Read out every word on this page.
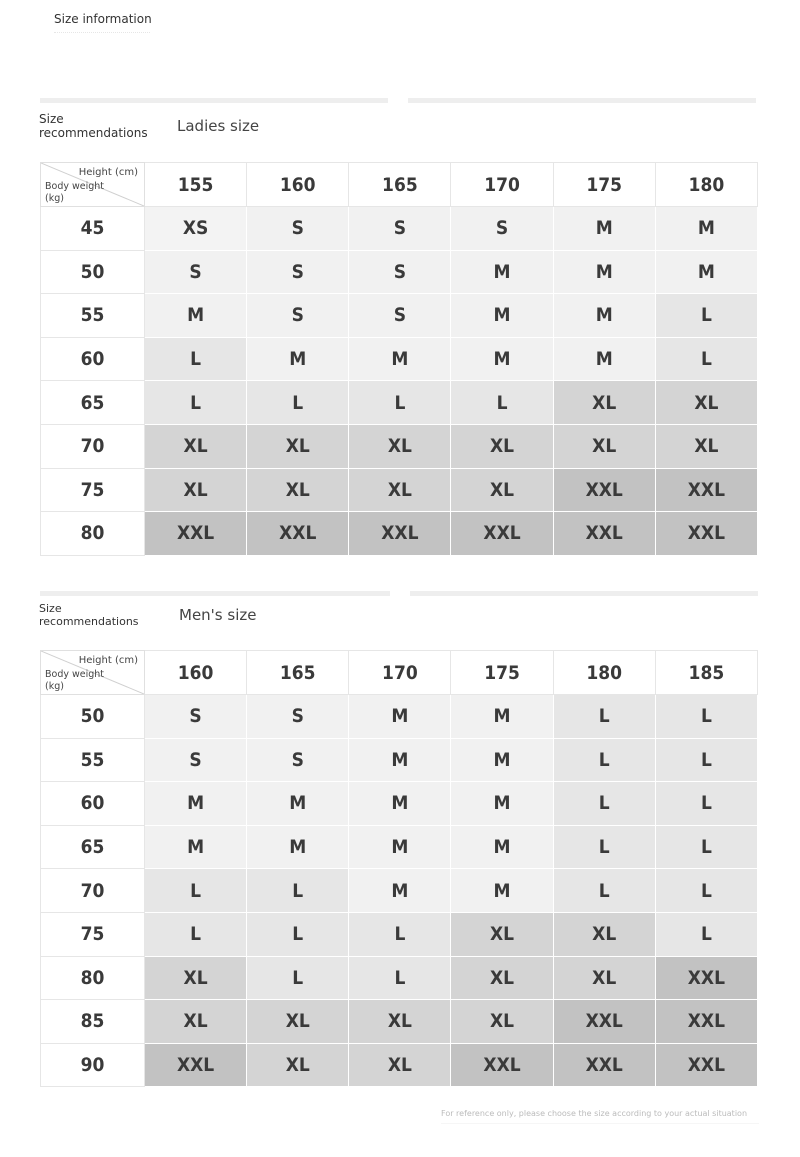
Size information
Size
recommendations Ladies size
Height (cm)
Body weight (kg)	155	160	165	170	175	180
45	XS	S	S	S	M	M
50	S	S	S	M	M	M
55	M	S	S	M	M	L
60	L	M	M	M	M	L
65	L	L	L	L	XL	XL
70	XL	XL	XL	XL	XL	XL
75	XL	XL	XL	XL	XXL	XXL
80	XXL	XXL	XXL	XXL	XXL	XXL
Size
recommendations	Men's size
Height (cm)
Body weight (kg)	160	165	170	175	180	185
50	S	S	M	M	L	L
55	S	S	M	M	L	L
60	M	M	M	M	L	L
65	M	M	M	M	L	L
70	L	L	M	M	L	L
75	L	L	L	XL	XL	L
80	XL	L	L	XL	XL	XXL
85	XL	XL	XL	XL	XXL	XXL
90	XXL	XL	XL	XXL	XXL	XXL
For reference only, please choose the size according to your actual situation
